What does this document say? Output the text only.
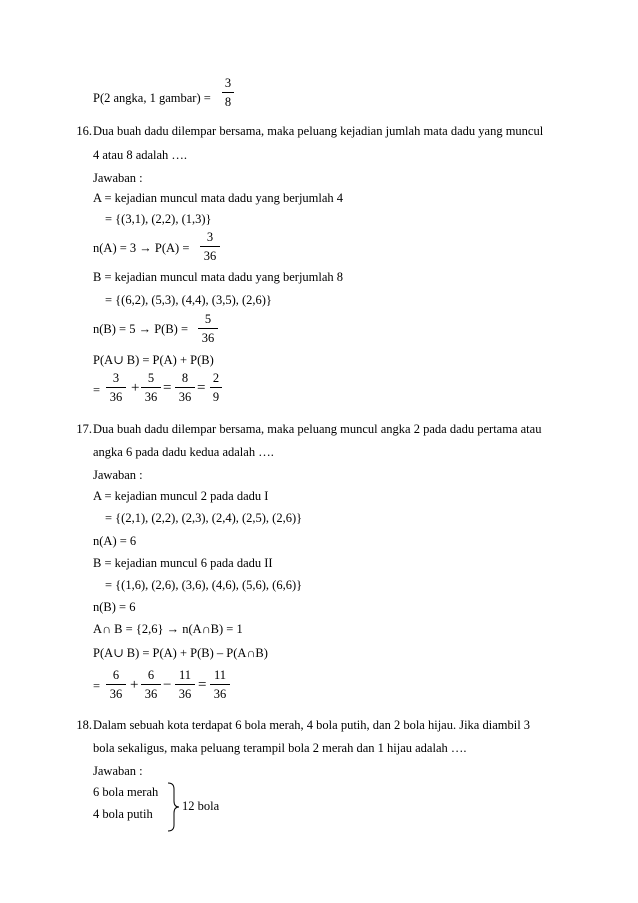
P(2 angka, 1 gambar) =
3
8
16. Dua buah dadu dilempar bersama, maka peluang kejadian jumlah mata dadu yang muncul
4 atau 8 adalah ….
Jawaban :
A = kejadian muncul mata dadu yang berjumlah 4
= {(3,1), (2,2), (1,3)}
n(A) = 3 → P(A) =
3
36
B = kejadian muncul mata dadu yang berjumlah 8
= {(6,2), (5,3), (4,4), (3,5), (2,6)}
n(B) = 5 → P(B) =
5
36
P(A∪ B) = P(A) + P(B)
=
3
36
+
5
36
=
8
36
=
2
9
17. Dua buah dadu dilempar bersama, maka peluang muncul angka 2 pada dadu pertama atau
angka 6 pada dadu kedua adalah ….
Jawaban :
A = kejadian muncul 2 pada dadu I
= {(2,1), (2,2), (2,3), (2,4), (2,5), (2,6)}
n(A) = 6
B = kejadian muncul 6 pada dadu II
= {(1,6), (2,6), (3,6), (4,6), (5,6), (6,6)}
n(B) = 6
A∩ B = {2,6} → n(A∩B) = 1
P(A∪ B) = P(A) + P(B) – P(A∩B)
=
6
36
+
6
36
−
11
36
=
11
36
18. Dalam sebuah kota terdapat 6 bola merah, 4 bola putih, dan 2 bola hijau. Jika diambil 3
bola sekaligus, maka peluang terampil bola 2 merah dan 1 hijau adalah ….
Jawaban :
6 bola merah
4 bola putih
12 bola
